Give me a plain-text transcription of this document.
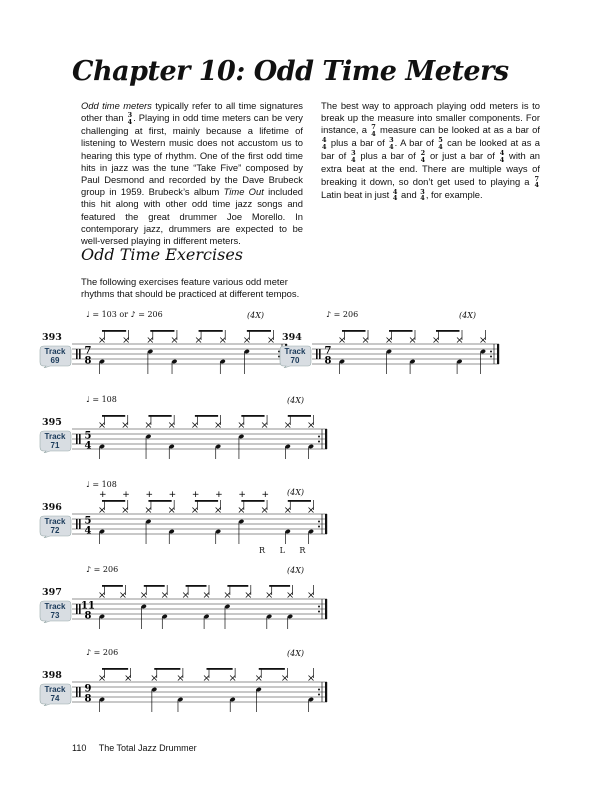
Chapter 10: Odd Time Meters

Odd time meters typically refer to all time signatures other than 3
4 . Playing in odd time meters can be very challenging at first, mainly because a lifetime of listening to Western music does not accustom us to hearing this type of rhythm. One of the first odd time hits in jazz was the tune “Take Five” composed by Paul Desmond and recorded by the Dave Brubeck group in 1959. Brubeck’s album Time Out included this hit along with other odd time jazz songs and featured the great drummer Joe Morello. In contemporary jazz, drummers are expected to be well-versed playing in different meters.

The best way to approach playing odd meters is to break up the measure into smaller components. For instance, a 7
4 measure can be looked at as a bar of
4
4 plus a bar of 3
4 . A bar of 5
4 can be looked at as a bar of 3
4 plus a bar of 2
4 or just a bar of 4
4 with an extra beat at the end. There are multiple ways of breaking it down, so don’t get used to playing a 7
4
Latin beat in just 4
4 and 3
4 , for example.

Odd Time Exercises

The following exercises feature various odd meter rhythms that should be practiced at different tempos.

♩ = 103 or ♪ = 206	(4X)
393
Track
69
7
8
♪ = 206	(4X)
394
Track
70
7
8
♩ = 108	(4X)
395
Track
71
5
4
♩ = 108
(4X)
396
Track
72
5
4
+ + + + + + + +
R L R
♪ = 206	(4X)
397
Track
73
11
8
♪ = 206	(4X)
398
Track
74
9
8
110 The Total Jazz Drummer
